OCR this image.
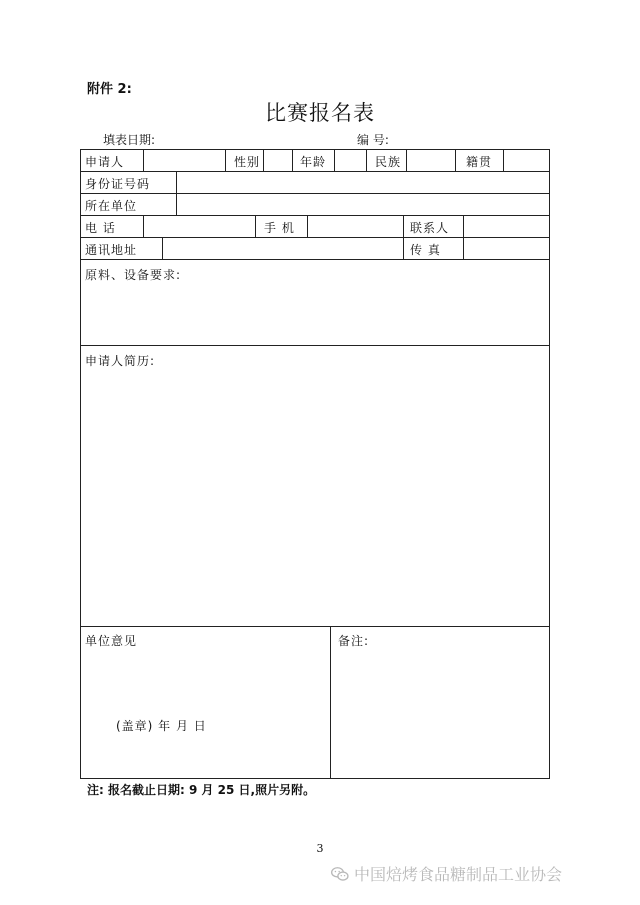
附件 2:
比赛报名表
填表日期:	编 号:
申请人	性别	年龄	民族	籍贯
身份证号码
所在单位
电 话	手 机	联系人
通讯地址	传 真
原料、设备要求:
申请人简历:
单位意见
(盖章) 年 月 日
备注:
注: 报名截止日期: 9 月 25 日,照片另附。
3
中国焙烤食品糖制品工业协会
